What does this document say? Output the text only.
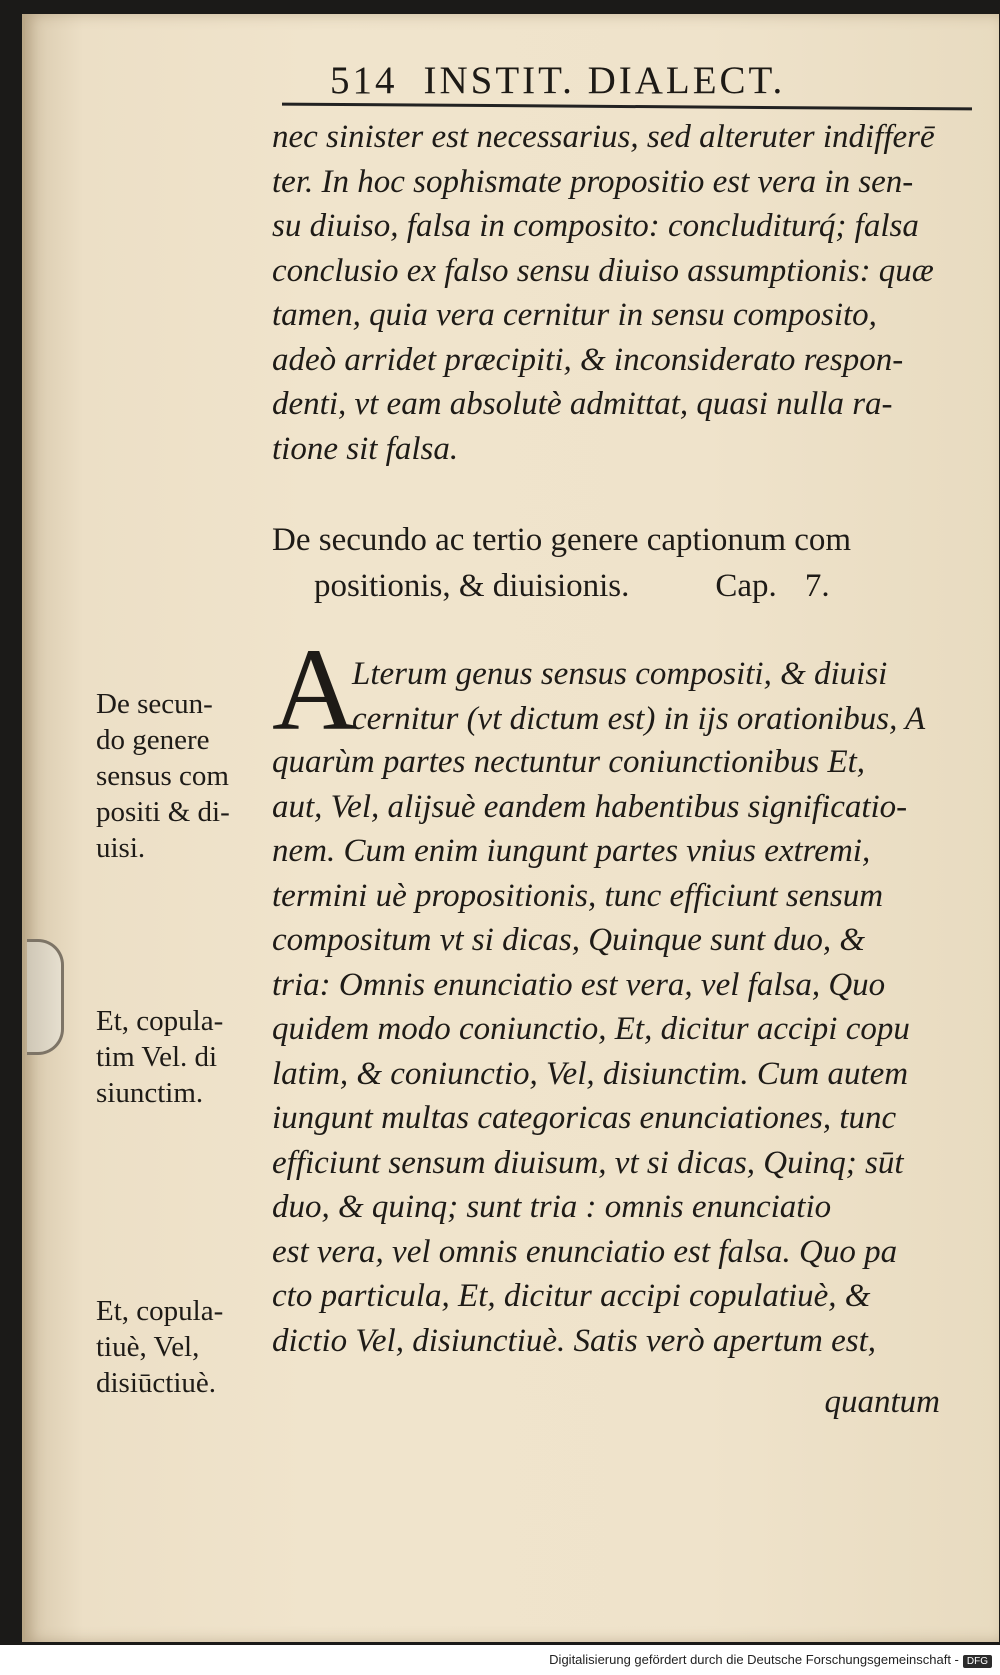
514 INSTIT. DIALECT.
nec sinister est necessarius, sed alteruter indifferē
ter. In hoc sophismate propositio est vera in sen-
su diuiso, falsa in composito: concluditurq́; falsa
conclusio ex falso sensu diuiso assumptionis: quæ
tamen, quia vera cernitur in sensu composito,
adeò arridet præcipiti, & inconsiderato respon-
denti, vt eam absolutè admittat, quasi nulla ra-
tione sit falsa.
De secundo ac tertio genere captionum com
positionis, & diuisionis.	Cap. 7.
A
Lterum genus sensus compositi, & diuisi
cernitur (vt dictum est) in ijs orationibus, A
quarùm partes nectuntur coniunctionibus Et,
aut, Vel, alijsuè eandem habentibus significatio-
nem. Cum enim iungunt partes vnius extremi,
termini uè propositionis, tunc efficiunt sensum
compositum vt si dicas, Quinque sunt duo, &
tria: Omnis enunciatio est vera, vel falsa, Quo
quidem modo coniunctio, Et, dicitur accipi copu
latim, & coniunctio, Vel, disiunctim. Cum autem
iungunt multas categoricas enunciationes, tunc
efficiunt sensum diuisum, vt si dicas, Quinq; sūt
duo, & quinq; sunt tria : omnis enunciatio
est vera, vel omnis enunciatio est falsa. Quo pa
cto particula, Et, dicitur accipi copulatiuè, &
dictio Vel, disiunctiuè. Satis verò apertum est,
quantum
De secun-
do genere
sensus com
positi & di-
uisi.
Et, copula-
tim Vel. di
siunctim.
Et, copula-
tiuè, Vel,
disiūctiuè.
Digitalisierung gefördert durch die Deutsche Forschungsgemeinschaft - DFG
